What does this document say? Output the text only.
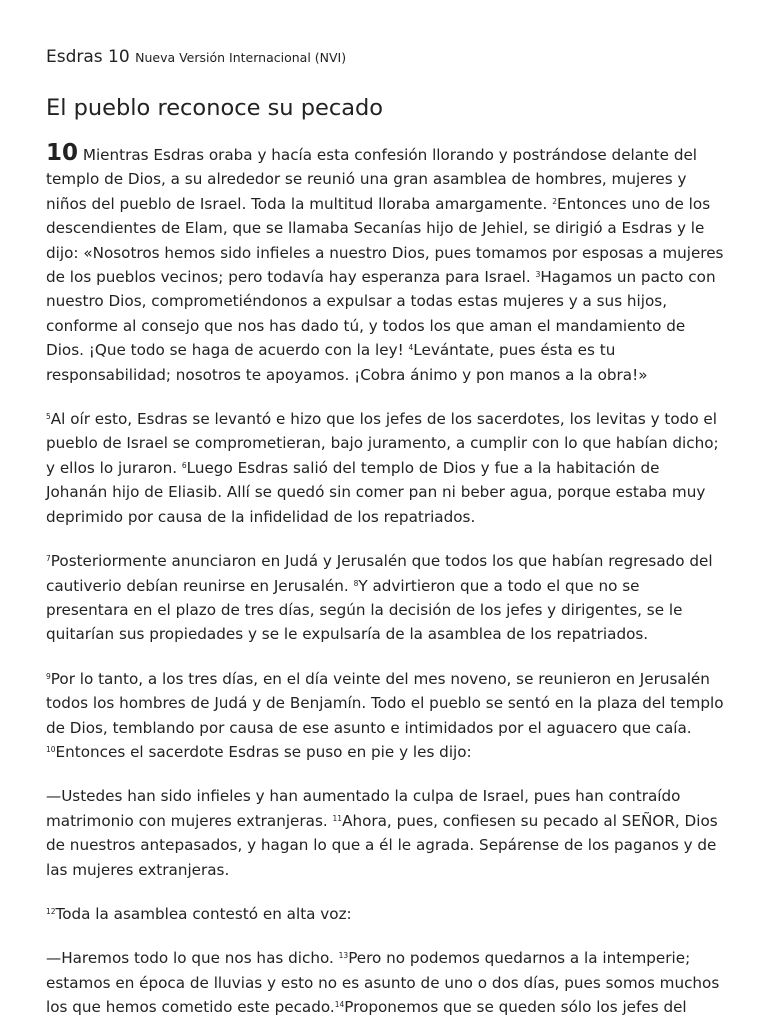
Esdras 10 Nueva Versión Internacional (NVI)
El pueblo reconoce su pecado

10 Mientras Esdras oraba y hacía esta confesión llorando y postrándose delante del templo de Dios, a su alrededor se reunió una gran asamblea de hombres, mujeres y niños del pueblo de Israel. Toda la multitud lloraba amargamente. $^2$Entonces uno de los descendientes de Elam, que se llamaba Secanías hijo de Jehiel, se dirigió a Esdras y le dijo: «Nosotros hemos sido infieles a nuestro Dios, pues tomamos por esposas a mujeres de los pueblos vecinos; pero todavía hay esperanza para Israel. $^3$Hagamos un pacto con nuestro Dios, comprometiéndonos a expulsar a todas estas mujeres y a sus hijos, conforme al consejo que nos has dado tú, y todos los que aman el mandamiento de Dios. ¡Que todo se haga de acuerdo con la ley! $^4$Levántate, pues ésta es tu responsabilidad; nosotros te apoyamos. ¡Cobra ánimo y pon manos a la obra!»

$^5$Al oír esto, Esdras se levantó e hizo que los jefes de los sacerdotes, los levitas y todo el pueblo de Israel se comprometieran, bajo juramento, a cumplir con lo que habían dicho; y ellos lo juraron. $^6$Luego Esdras salió del templo de Dios y fue a la habitación de Johanán hijo de Eliasib. Allí se quedó sin comer pan ni beber agua, porque estaba muy deprimido por causa de la infidelidad de los repatriados.

$^7$Posteriormente anunciaron en Judá y Jerusalén que todos los que habían regresado del cautiverio debían reunirse en Jerusalén. $^8$Y advirtieron que a todo el que no se presentara en el plazo de tres días, según la decisión de los jefes y dirigentes, se le quitarían sus propiedades y se le expulsaría de la asamblea de los repatriados.

$^9$Por lo tanto, a los tres días, en el día veinte del mes noveno, se reunieron en Jerusalén todos los hombres de Judá y de Benjamín. Todo el pueblo se sentó en la plaza del templo de Dios, temblando por causa de ese asunto e intimidados por el aguacero que caía. $^{10}$Entonces el sacerdote Esdras se puso en pie y les dijo:

—Ustedes han sido infieles y han aumentado la culpa de Israel, pues han contraído matrimonio con mujeres extranjeras. $^{11}$Ahora, pues, confiesen su pecado al SEÑOR, Dios de nuestros antepasados, y hagan lo que a él le agrada. Sepárense de los paganos y de las mujeres extranjeras.

$^{12}$Toda la asamblea contestó en alta voz:

—Haremos todo lo que nos has dicho. $^{13}$Pero no podemos quedarnos a la intemperie; estamos en época de lluvias y esto no es asunto de uno o dos días, pues somos muchos los que hemos cometido este pecado.$^{14}$Proponemos que se queden sólo los jefes del
